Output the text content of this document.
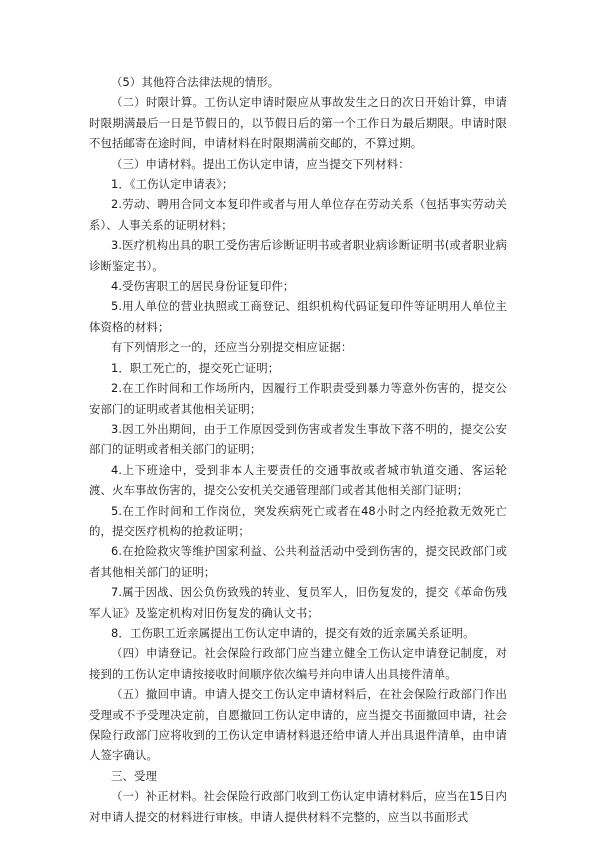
（5）其他符合法律法规的情形。

（二）时限计算。工伤认定申请时限应从事故发生之日的次日开始计算，申请时限期满最后一日是节假日的，以节假日后的第一个工作日为最后期限。申请时限不包括邮寄在途时间，申请材料在时限期满前交邮的，不算过期。

（三）申请材料。提出工伤认定申请，应当提交下列材料：

1．《工伤认定申请表》；

2.劳动、聘用合同文本复印件或者与用人单位存在劳动关系（包括事实劳动关系）、人事关系的证明材料；

3.医疗机构出具的职工受伤害后诊断证明书或者职业病诊断证明书(或者职业病诊断鉴定书）。

4.受伤害职工的居民身份证复印件；

5.用人单位的营业执照或工商登记、组织机构代码证复印件等证明用人单位主体资格的材料；

有下列情形之一的，还应当分别提交相应证据：

1．职工死亡的，提交死亡证明；

2.在工作时间和工作场所内，因履行工作职责受到暴力等意外伤害的，提交公安部门的证明或者其他相关证明；

3.因工外出期间，由于工作原因受到伤害或者发生事故下落不明的，提交公安部门的证明或者相关部门的证明；

4.上下班途中，受到非本人主要责任的交通事故或者城市轨道交通、客运轮渡、火车事故伤害的，提交公安机关交通管理部门或者其他相关部门证明；

5.在工作时间和工作岗位，突发疾病死亡或者在48小时之内经抢救无效死亡的，提交医疗机构的抢救证明；

6.在抢险救灾等维护国家利益、公共利益活动中受到伤害的，提交民政部门或者其他相关部门的证明；

7.属于因战、因公负伤致残的转业、复员军人，旧伤复发的，提交《革命伤残军人证》及鉴定机构对旧伤复发的确认文书；

8．工伤职工近亲属提出工伤认定申请的，提交有效的近亲属关系证明。

（四）申请登记。社会保险行政部门应当建立健全工伤认定申请登记制度，对接到的工伤认定申请按接收时间顺序依次编号并向申请人出具接件清单。

（五）撤回申请。申请人提交工伤认定申请材料后，在社会保险行政部门作出受理或不予受理决定前，自愿撤回工伤认定申请的，应当提交书面撤回申请，社会保险行政部门应将收到的工伤认定申请材料退还给申请人并出具退件清单，由申请人签字确认。

三、受理

（一）补正材料。社会保险行政部门收到工伤认定申请材料后，应当在15日内对申请人提交的材料进行审核。申请人提供材料不完整的，应当以书面形式
